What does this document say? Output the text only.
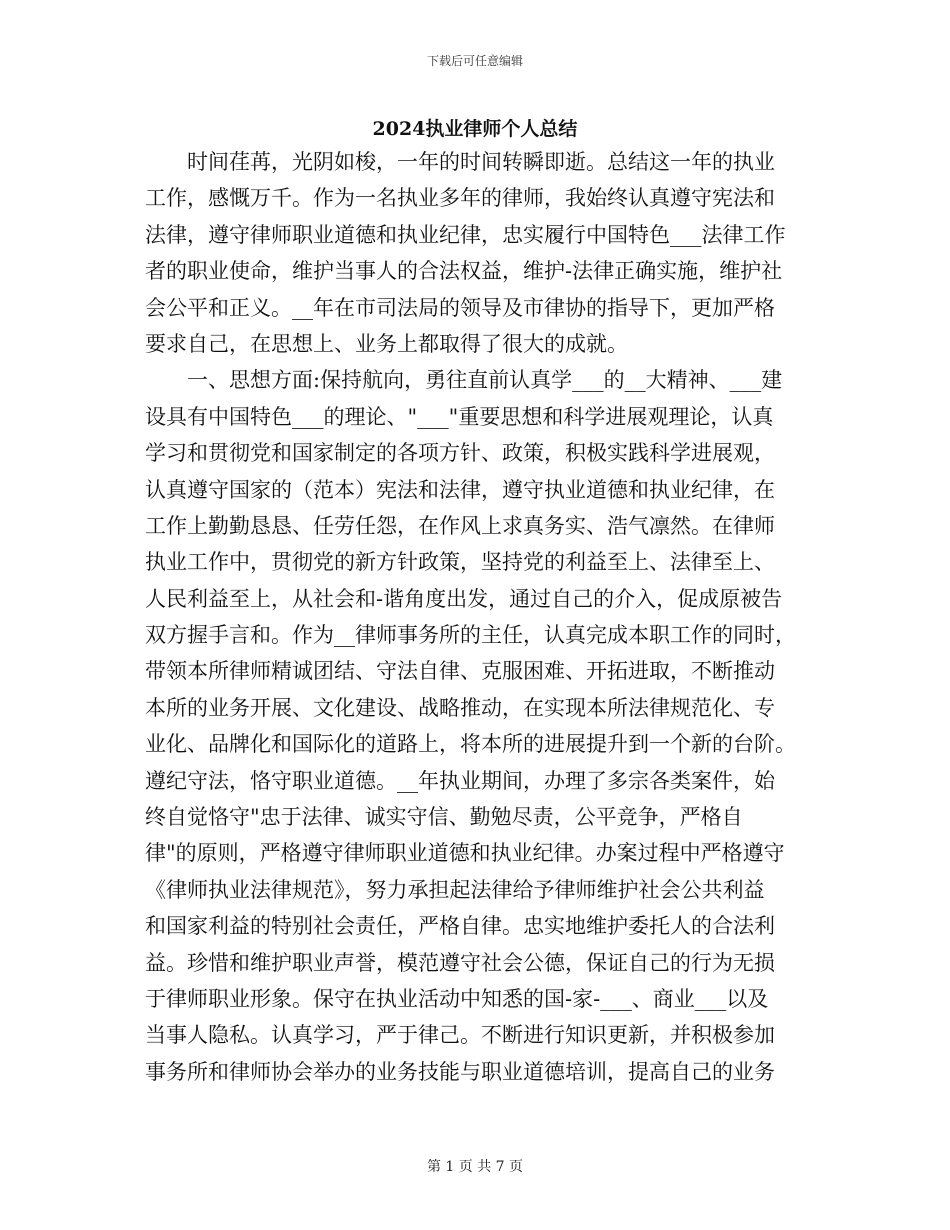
下载后可任意编辑
2024执业律师个人总结
　　时间荏苒，光阴如梭，一年的时间转瞬即逝。总结这一年的执业
工作，感慨万千。作为一名执业多年的律师，我始终认真遵守宪法和
法律，遵守律师职业道德和执业纪律，忠实履行中国特色___法律工作
者的职业使命，维护当事人的合法权益，维护-法律正确实施，维护社
会公平和正义。__年在市司法局的领导及市律协的指导下，更加严格
要求自己，在思想上、业务上都取得了很大的成就。
　　一、思想方面:保持航向，勇往直前认真学___的__大精神、___建
设具有中国特色___的理论、"___"重要思想和科学进展观理论，认真
学习和贯彻党和国家制定的各项方针、政策，积极实践科学进展观，
认真遵守国家的（范本）宪法和法律，遵守执业道德和执业纪律，在
工作上勤勤恳恳、任劳任怨，在作风上求真务实、浩气凛然。在律师
执业工作中，贯彻党的新方针政策，坚持党的利益至上、法律至上、
人民利益至上，从社会和-谐角度出发，通过自己的介入，促成原被告
双方握手言和。作为__律师事务所的主任，认真完成本职工作的同时，
带领本所律师精诚团结、守法自律、克服困难、开拓进取，不断推动
本所的业务开展、文化建设、战略推动，在实现本所法律规范化、专
业化、品牌化和国际化的道路上，将本所的进展提升到一个新的台阶。
遵纪守法，恪守职业道德。__年执业期间，办理了多宗各类案件，始
终自觉恪守"忠于法律、诚实守信、勤勉尽责，公平竞争，严格自
律"的原则，严格遵守律师职业道德和执业纪律。办案过程中严格遵守
《律师执业法律规范》，努力承担起法律给予律师维护社会公共利益
和国家利益的特别社会责任，严格自律。忠实地维护委托人的合法利
益。珍惜和维护职业声誉，模范遵守社会公德，保证自己的行为无损
于律师职业形象。保守在执业活动中知悉的国-家-___、商业___以及
当事人隐私。认真学习，严于律己。不断进行知识更新，并积极参加
事务所和律师协会举办的业务技能与职业道德培训，提高自己的业务
第 1 页 共 7 页
